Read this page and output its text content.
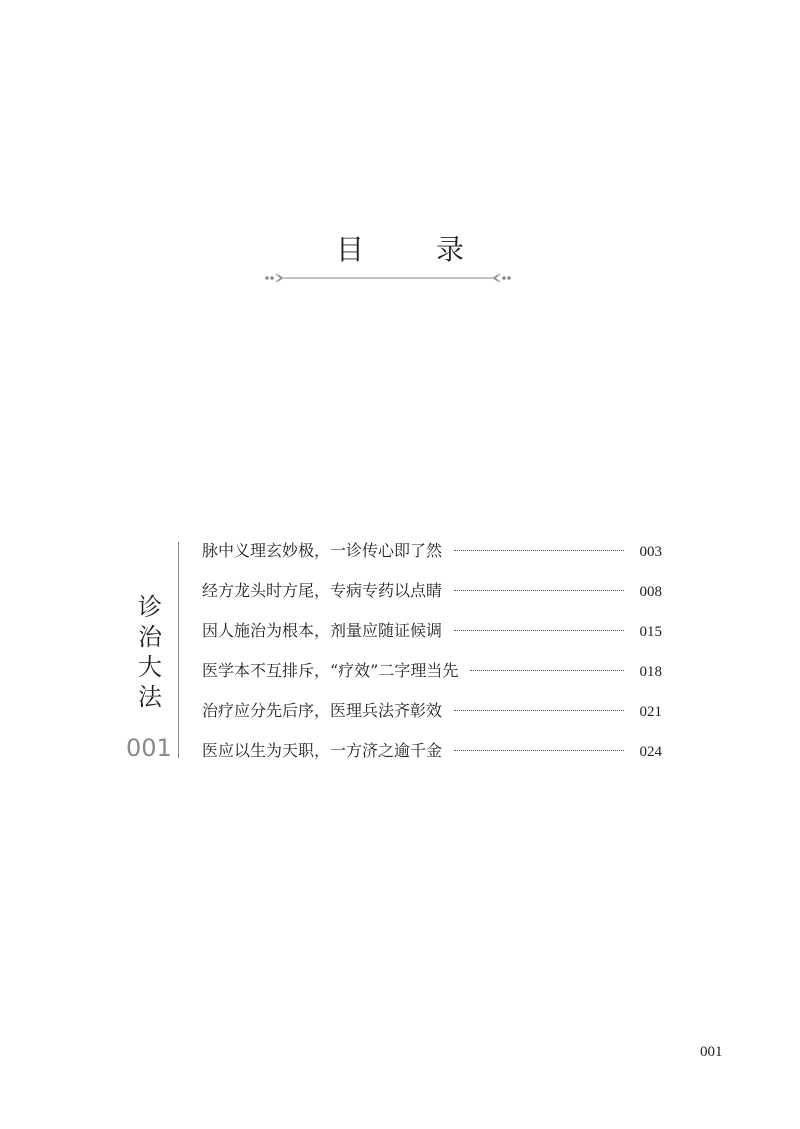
目　录
诊
治
大
法
001
脉中义理玄妙极，一诊传心即了然	003
经方龙头时方尾，专病专药以点睛	008
因人施治为根本，剂量应随证候调	015
医学本不互排斥，“疗效”二字理当先	018
治疗应分先后序，医理兵法齐彰效	021
医应以生为天职，一方济之逾千金	024
001
